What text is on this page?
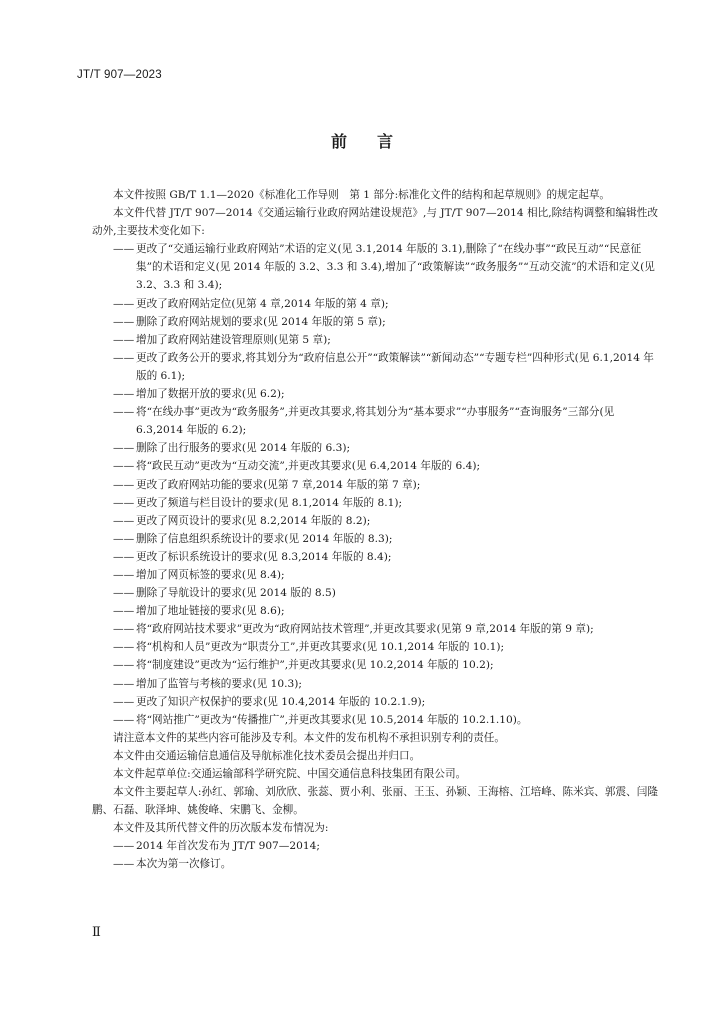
JT/T 907—2023
前言

本文件按照 GB/T 1.1—2020《标准化工作导则　第 1 部分:标准化文件的结构和起草规则》的规定起草。

本文件代替 JT/T 907—2014《交通运输行业政府网站建设规范》,与 JT/T 907—2014 相比,除结构调整和编辑性改动外,主要技术变化如下:

—— 更改了“交通运输行业政府网站”术语的定义(见 3.1,2014 年版的 3.1),删除了“在线办事”“政民互动”“民意征集”的术语和定义(见 2014 年版的 3.2、3.3 和 3.4),增加了“政策解读”“政务服务”“互动交流”的术语和定义(见 3.2、3.3 和 3.4);
—— 更改了政府网站定位(见第 4 章,2014 年版的第 4 章);
—— 删除了政府网站规划的要求(见 2014 年版的第 5 章);
—— 增加了政府网站建设管理原则(见第 5 章);
—— 更改了政务公开的要求,将其划分为“政府信息公开”“政策解读”“新闻动态”“专题专栏”四种形式(见 6.1,2014 年版的 6.1);
—— 增加了数据开放的要求(见 6.2);
—— 将“在线办事”更改为“政务服务”,并更改其要求,将其划分为“基本要求”“办事服务”“查询服务”三部分(见 6.3,2014 年版的 6.2);
—— 删除了出行服务的要求(见 2014 年版的 6.3);
—— 将“政民互动”更改为“互动交流”,并更改其要求(见 6.4,2014 年版的 6.4);
—— 更改了政府网站功能的要求(见第 7 章,2014 年版的第 7 章);
—— 更改了频道与栏目设计的要求(见 8.1,2014 年版的 8.1);
—— 更改了网页设计的要求(见 8.2,2014 年版的 8.2);
—— 删除了信息组织系统设计的要求(见 2014 年版的 8.3);
—— 更改了标识系统设计的要求(见 8.3,2014 年版的 8.4);
—— 增加了网页标签的要求(见 8.4);
—— 删除了导航设计的要求(见 2014 版的 8.5)
—— 增加了地址链接的要求(见 8.6);
—— 将“政府网站技术要求”更改为“政府网站技术管理”,并更改其要求(见第 9 章,2014 年版的第 9 章);
—— 将“机构和人员”更改为“职责分工”,并更改其要求(见 10.1,2014 年版的 10.1);
—— 将“制度建设”更改为“运行维护”,并更改其要求(见 10.2,2014 年版的 10.2);
—— 增加了监管与考核的要求(见 10.3);
—— 更改了知识产权保护的要求(见 10.4,2014 年版的 10.2.1.9);
—— 将“网站推广”更改为“传播推广”,并更改其要求(见 10.5,2014 年版的 10.2.1.10)。

请注意本文件的某些内容可能涉及专利。本文件的发布机构不承担识别专利的责任。

本文件由交通运输信息通信及导航标准化技术委员会提出并归口。

本文件起草单位:交通运输部科学研究院、中国交通信息科技集团有限公司。

本文件主要起草人:孙红、郭瑜、刘欣欣、张蕊、贾小利、张丽、王玉、孙颖、王海榕、江培峰、陈米宾、郭震、闫隆鹏、石磊、耿泽坤、姚俊峰、宋鹏飞、金柳。

本文件及其所代替文件的历次版本发布情况为:

—— 2014 年首次发布为 JT/T 907—2014;
—— 本次为第一次修订。
Ⅱ
